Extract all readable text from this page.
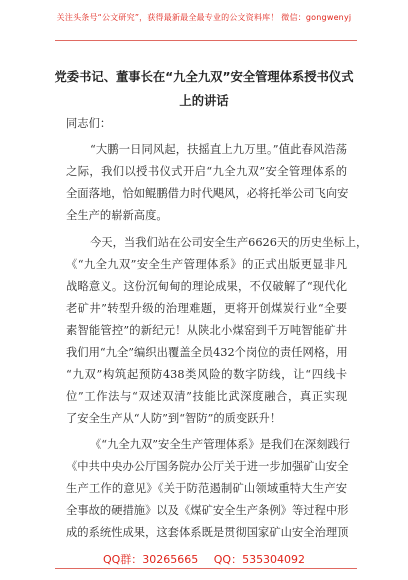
关注头条号“公文研究”，获得最新最全最专业的公文资料库！ 微信：gongwenyj
党委书记、董事长在“九全九双”安全管理体系授书仪式
上的讲话
同志们：
“大鹏一日同风起，扶摇直上九万里。”值此春风浩荡
之际，我们以授书仪式开启“九全九双”安全管理体系的
全面落地，恰如鲲鹏借力时代飓风，必将托举公司飞向安
全生产的崭新高度。
今天，当我们站在公司安全生产6626天的历史坐标上，
《“九全九双”安全生产管理体系》的正式出版更显非凡
战略意义。这份沉甸甸的理论成果，不仅破解了“现代化
老矿井”转型升级的治理难题，更将开创煤炭行业“全要
素智能管控”的新纪元！从陕北小煤窑到千万吨智能矿井
我们用“九全”编织出覆盖全员432个岗位的责任网格，用
“九双”构筑起预防438类风险的数字防线，让“四线卡
位”工作法与“双述双清”技能比武深度融合，真正实现
了安全生产从“人防”到“智防”的质变跃升！
《“九全九双”安全生产管理体系》是我们在深刻践行
《中共中央办公厅国务院办公厅关于进一步加强矿山安全
生产工作的意见》《关于防范遏制矿山领域重特大生产安
全事故的硬措施》以及《煤矿安全生产条例》等过程中形
成的系统性成果，这套体系既是贯彻国家矿山安全治理顶
QQ群：30265665 QQ：535304092
